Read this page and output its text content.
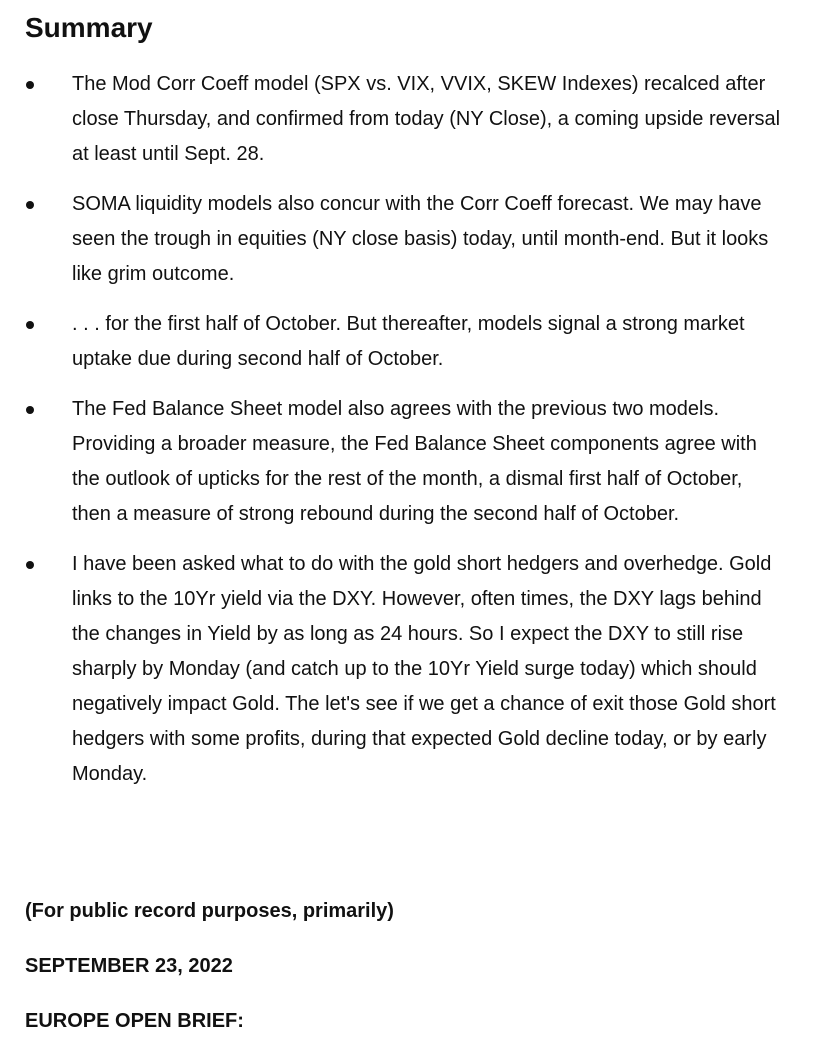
Summary
The Mod Corr Coeff model (SPX vs. VIX, VVIX, SKEW Indexes) recalced after close Thursday, and confirmed from today (NY Close), a coming upside reversal at least until Sept. 28.
SOMA liquidity models also concur with the Corr Coeff forecast. We may have seen the trough in equities (NY close basis) today, until month-end. But it looks like grim outcome.
. . . for the first half of October. But thereafter, models signal a strong market uptake due during second half of October.
The Fed Balance Sheet model also agrees with the previous two models. Providing a broader measure, the Fed Balance Sheet components agree with the outlook of upticks for the rest of the month, a dismal first half of October, then a measure of strong rebound during the second half of October.
I have been asked what to do with the gold short hedgers and overhedge. Gold links to the 10Yr yield via the DXY. However, often times, the DXY lags behind the changes in Yield by as long as 24 hours. So I expect the DXY to still rise sharply by Monday (and catch up to the 10Yr Yield surge today) which should negatively impact Gold. The let's see if we get a chance of exit those Gold short hedgers with some profits, during that expected Gold decline today, or by early Monday.

(For public record purposes, primarily)

SEPTEMBER 23, 2022

EUROPE OPEN BRIEF:
